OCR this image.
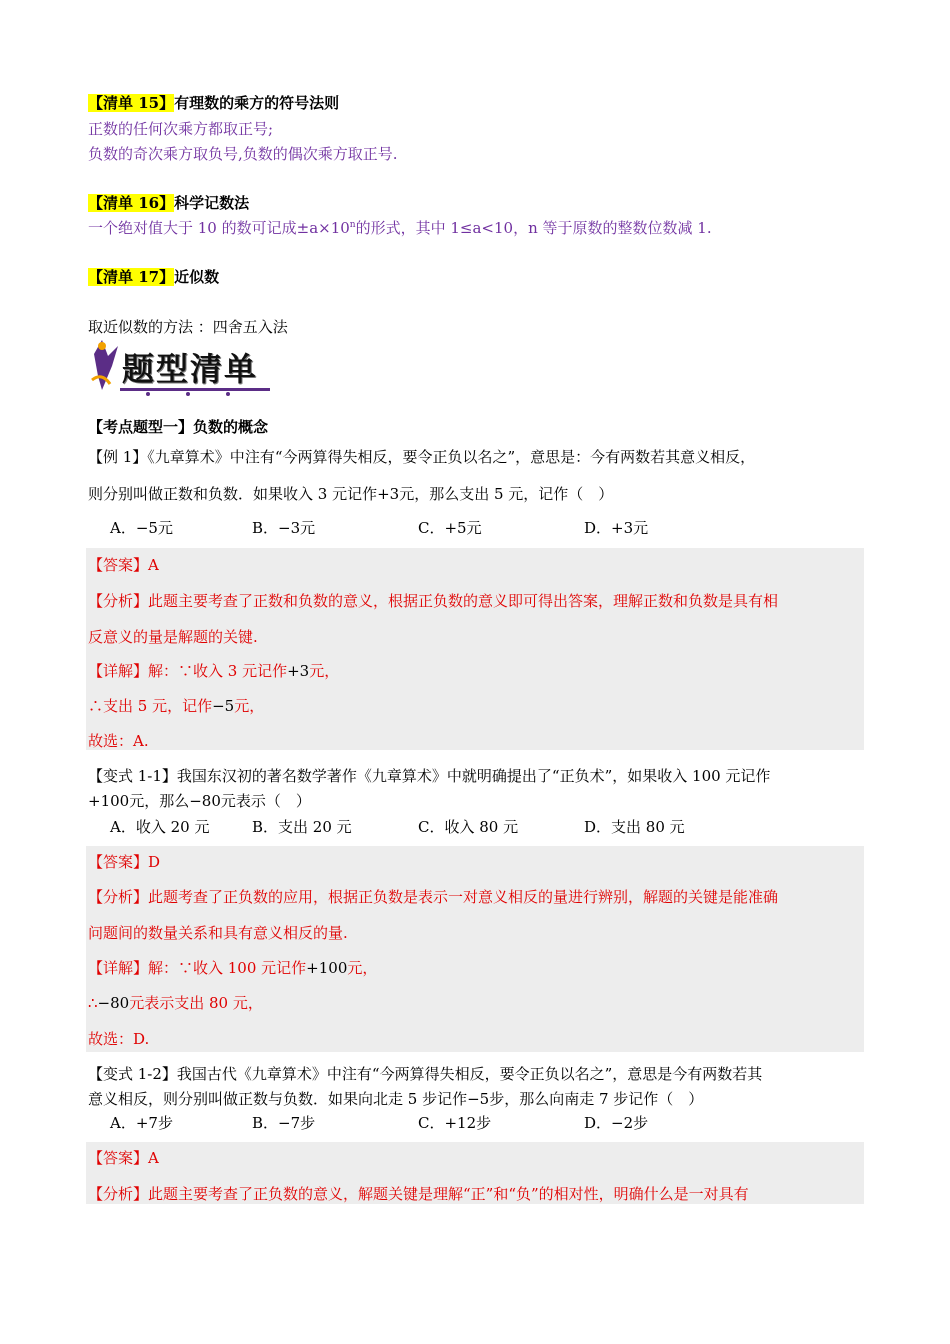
【清单 15】有理数的乘方的符号法则
正数的任何次乘方都取正号;
负数的奇次乘方取负号,负数的偶次乘方取正号.
【清单 16】科学记数法
一个绝对值大于 10 的数可记成$\pm a\times 10^n$的形式，其中 1≤a<10，n 等于原数的整数位数减 1.
【清单 17】近似数
取近似数的方法 ：四舍五入法
题型清单
【考点题型一】负数的概念
【例 1】《九章算术》中注有“今两算得失相反，要令正负以名之”，意思是：今有两数若其意义相反，
则分别叫做正数和负数．如果收入 3 元记作+3元，那么支出 5 元，记作（　）
A．−5元	B．−3元	C．+5元	D．+3元
【答案】A
【分析】此题主要考查了正数和负数的意义，根据正负数的意义即可得出答案，理解正数和负数是具有相
反意义的量是解题的关键.
【详解】解：∵收入 3 元记作+3元，
∴支出 5 元，记作−5元，
故选：A.
【变式 1-1】我国东汉初的著名数学著作《九章算术》中就明确提出了“正负术”，如果收入 100 元记作
+100元，那么−80元表示（　）
A．收入 20 元	B．支出 20 元	C．收入 80 元	D．支出 80 元
【答案】D
【分析】此题考查了正负数的应用，根据正负数是表示一对意义相反的量进行辨别，解题的关键是能准确
问题间的数量关系和具有意义相反的量.
【详解】解：∵收入 100 元记作+100元，
∴−80元表示支出 80 元，
故选：D.
【变式 1-2】我国古代《九章算术》中注有“今两算得失相反，要令正负以名之”，意思是今有两数若其
意义相反，则分别叫做正数与负数．如果向北走 5 步记作−5步，那么向南走 7 步记作（　）
A．+7步	B．−7步	C．+12步	D．−2步
【答案】A
【分析】此题主要考查了正负数的意义，解题关键是理解“正”和“负”的相对性，明确什么是一对具有
